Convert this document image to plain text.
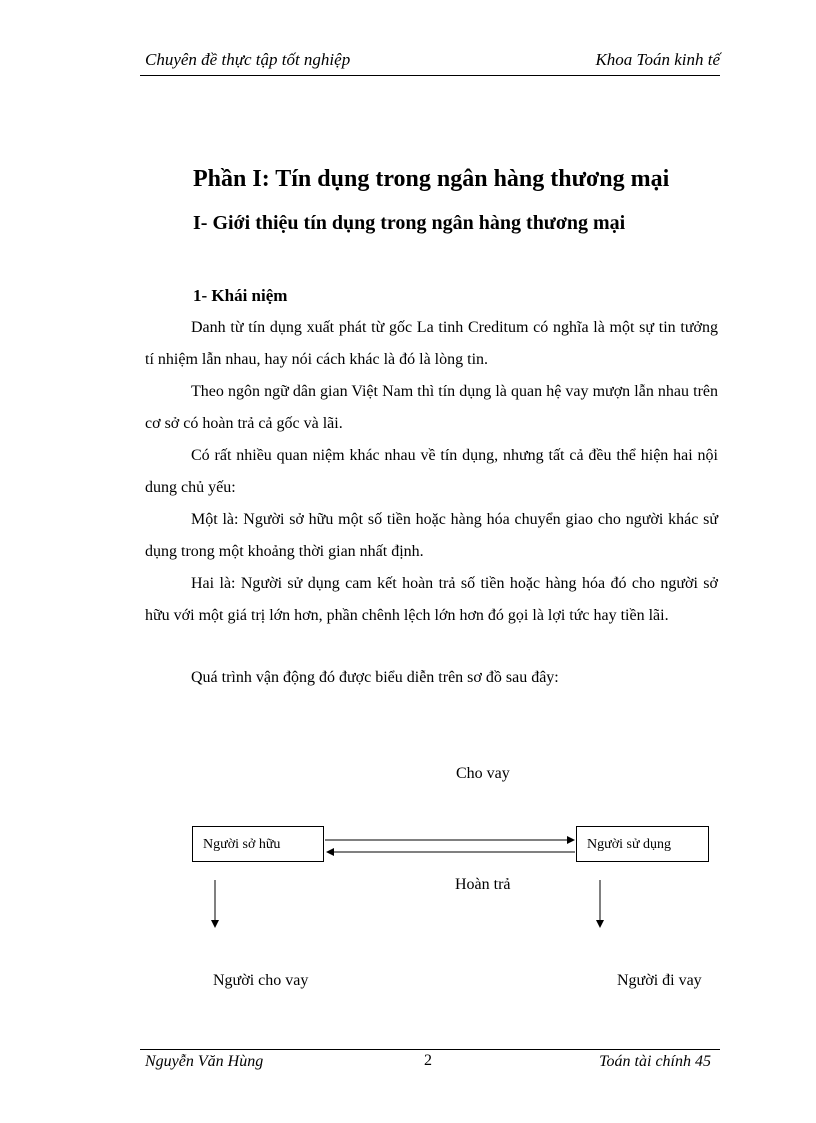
Chuyên đề thực tập tốt nghiệp	Khoa Toán kinh tế
Phần I: Tín dụng trong ngân hàng thương mại
I- Giới thiệu tín dụng trong ngân hàng thương mại
1- Khái niệm
Danh từ tín dụng xuất phát từ gốc La tinh Creditum có nghĩa là một sự tin tưởng tí nhiệm lẫn nhau, hay nói cách khác là đó là lòng tin.
Theo ngôn ngữ dân gian Việt Nam thì tín dụng là quan hệ vay mượn lẫn nhau trên cơ sở có hoàn trả cả gốc và lãi.
Có rất nhiều quan niệm khác nhau về tín dụng, nhưng tất cả đều thể hiện hai nội dung chủ yếu:
Một là: Người sở hữu một số tiền hoặc hàng hóa chuyển giao cho người khác sử dụng trong một khoảng thời gian nhất định.
Hai là: Người sử dụng cam kết hoàn trả số tiền hoặc hàng hóa đó cho người sở hữu với một giá trị lớn hơn, phần chênh lệch lớn hơn đó gọi là lợi tức hay tiền lãi.
Quá trình vận động đó được biểu diễn trên sơ đồ sau đây:
Cho vay
Người sở hữu	Người sử dụng
Hoàn trả
Người cho vay	Người đi vay
Nguyễn Văn Hùng	2	Toán tài chính 45
